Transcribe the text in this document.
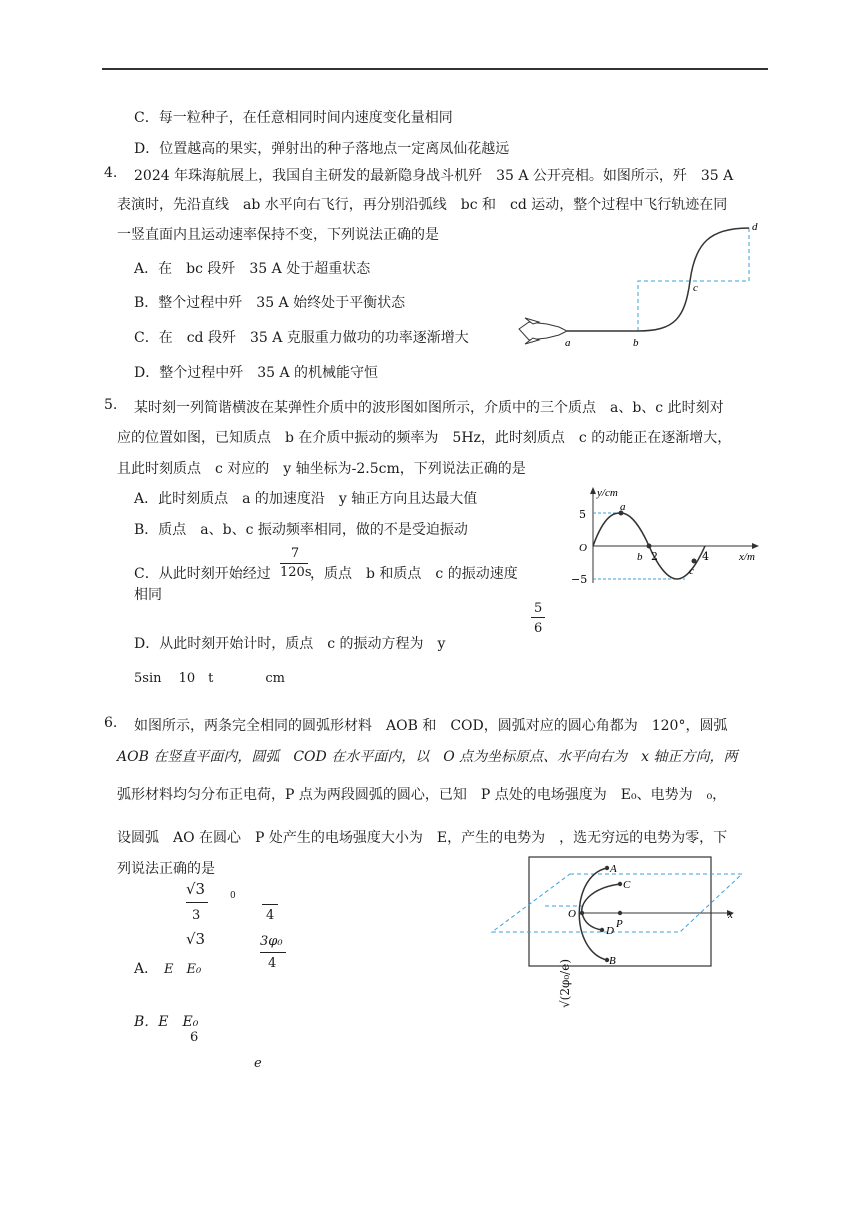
C．每一粒种子，在任意相同时间内速度变化量相同
D．位置越高的果实，弹射出的种子落地点一定离凤仙花越远
4. 2024 年珠海航展上，我国自主研发的最新隐身战斗机歼　35 A 公开亮相。如图所示，歼　35 A
表演时，先沿直线　ab 水平向右飞行，再分别沿弧线　bc 和　cd 运动，整个过程中飞行轨迹在同
一竖直面内且运动速率保持不变，下列说法正确的是
A．在　bc 段歼　35 A 处于超重状态
B．整个过程中歼　35 A 始终处于平衡状态
C．在　cd 段歼　35 A 克服重力做功的功率逐渐增大
D．整个过程中歼　35 A 的机械能守恒
a	b
c
d
5. 某时刻一列简谐横波在某弹性介质中的波形图如图所示，介质中的三个质点　a、b、c 此时刻对
应的位置如图，已知质点　b 在介质中振动的频率为　5Hz，此时刻质点　c 的动能正在逐渐增大，
且此时刻质点　c 对应的　y 轴坐标为-2.5cm，下列说法正确的是
A．此时刻质点　a 的加速度沿　y 轴正方向且达最大值
B．质点　a、b、c 振动频率相同，做的不是受迫振动
C．从此时刻开始经过
7
120s
，质点　b 和质点　c 的振动速度
相同
5
6
D．从此时刻开始计时，质点　c 的振动方程为　y
5sin　 10　t　　　　cm
y/cm
x/m
5
−5
O
b 2	4
a
c
6. 如图所示，两条完全相同的圆弧形材料　AOB 和　COD，圆弧对应的圆心角都为　120°，圆弧
AOB 在竖直平面内，圆弧　COD 在水平面内，以　O 点为坐标原点、水平向右为　x 轴正方向，两
弧形材料均匀分布正电荷，P 点为两段圆弧的圆心，已知　P 点处的电场强度为　E₀、电势为　₀，
设圆弧　AO 在圆心　P 处产生的电场强度大小为　E，产生的电势为　，选无穷远的电势为零，下
列说法正确的是
√3
3
0
4
√3
A． E　E₀
3φ₀
4
B．E　E₀
6
e
√(2φ₀/e)
A
C
O
P
D
B
x
